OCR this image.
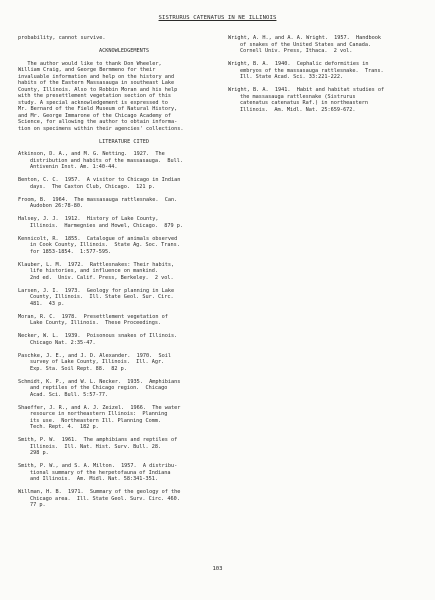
SISTRURUS CATENATUS IN NE ILLINOIS
probability, cannot survive.
ACKNOWLEDGEMENTS
The author would like to thank Don Wheeler,
William Craig, and George Bermmeno for their
invaluable information and help on the history and
habits of the Eastern Massasauga in southeast Lake
County, Illinois. Also to Robbin Moran and his help
with the presettlement vegetation section of this
study. A special acknowledgement is expressed to
Mr. Bernard of the Field Museum of Natural History,
and Mr. George Immarone of the Chicago Academy of
Science, for allowing the author to obtain informa-
tion on specimens within their agencies' collections.
LITERATURE CITED
Atkinson, D. A., and M. G. Netting.  1927.  The
distribution and habits of the massasauga.  Bull.
Antivenin Inst. Am. 1:40-44.
Benton, C. C.  1957.  A visitor to Chicago in Indian
days.  The Caxton Club, Chicago.  121 p.
Froom, B.  1964.  The massasauga rattlesnake.  Can.
Audobon 26:78-80.
Halsey, J. J.  1912.  History of Lake County,
Illinois.  Harmegnies and Howel, Chicago.  879 p.
Kennicolt, R.  1855.  Catalogue of animals observed
in Cook County, Illinois.  State Ag. Soc. Trans.
for 1853-1854.  1:577-595.
Klauber, L. M.  1972.  Rattlesnakes: Their habits,
life histories, and influence on mankind.
2nd ed.  Univ. Calif. Press, Berkeley.  2 vol.
Larsen, J. I.  1973.  Geology for planning in Lake
County, Illinois.  Ill. State Geol. Sur. Circ.
481.  43 p.
Moran, R. C.  1978.  Presettlement vegetation of
Lake County, Illinois.  These Proceedings.
Necker, W. L.  1939.  Poisonous snakes of Illinois.
Chicago Nat. 2:35-47.
Paschke, J. E., and J. D. Alexander.  1970.  Soil
survey of Lake County, Illinois.  Ill. Agr.
Exp. Sta. Soil Rept. 88.  82 p.
Schmidt, K. P., and W. L. Necker.  1935.  Amphibians
and reptiles of the Chicago region.  Chicago
Acad. Sci. Bull. 5:57-77.
Shaeffer, J. R., and A. J. Zeizel.  1966.  The water
resource in northeastern Illinois:  Planning
its use.  Northeastern Ill. Planning Comm.
Tech. Rept. 4.  182 p.
Smith, P. W.  1961.  The amphibians and reptiles of
Illinois.  Ill. Nat. Hist. Surv. Bull. 28.
298 p.
Smith, P. W., and S. A. Milton.  1957.  A distribu-
tional summary of the herpetofauna of Indiana
and Illinois.  Am. Midl. Nat. 58:341-351.
Willman, H. B.  1971.  Summary of the geology of the
Chicago area.  Ill. State Geol. Surv. Circ. 460.
77 p.
Wright, A. H., and A. A. Wright.  1957.  Handbook
of snakes of the United States and Canada.
Cornell Univ. Press, Ithaca.  2 vol.
Wright, B. A.  1940.  Cephalic deformities in
embryos of the massasauga rattlesnake.  Trans.
Ill. State Acad. Sci. 33:221-222.
Wright, B. A.  1941.  Habit and habitat studies of
the massasauga rattlesnake (Sistrurus
catenatus catenatus Raf.) in northeastern
Illinois.  Am. Midl. Nat. 25:659-672.
103
